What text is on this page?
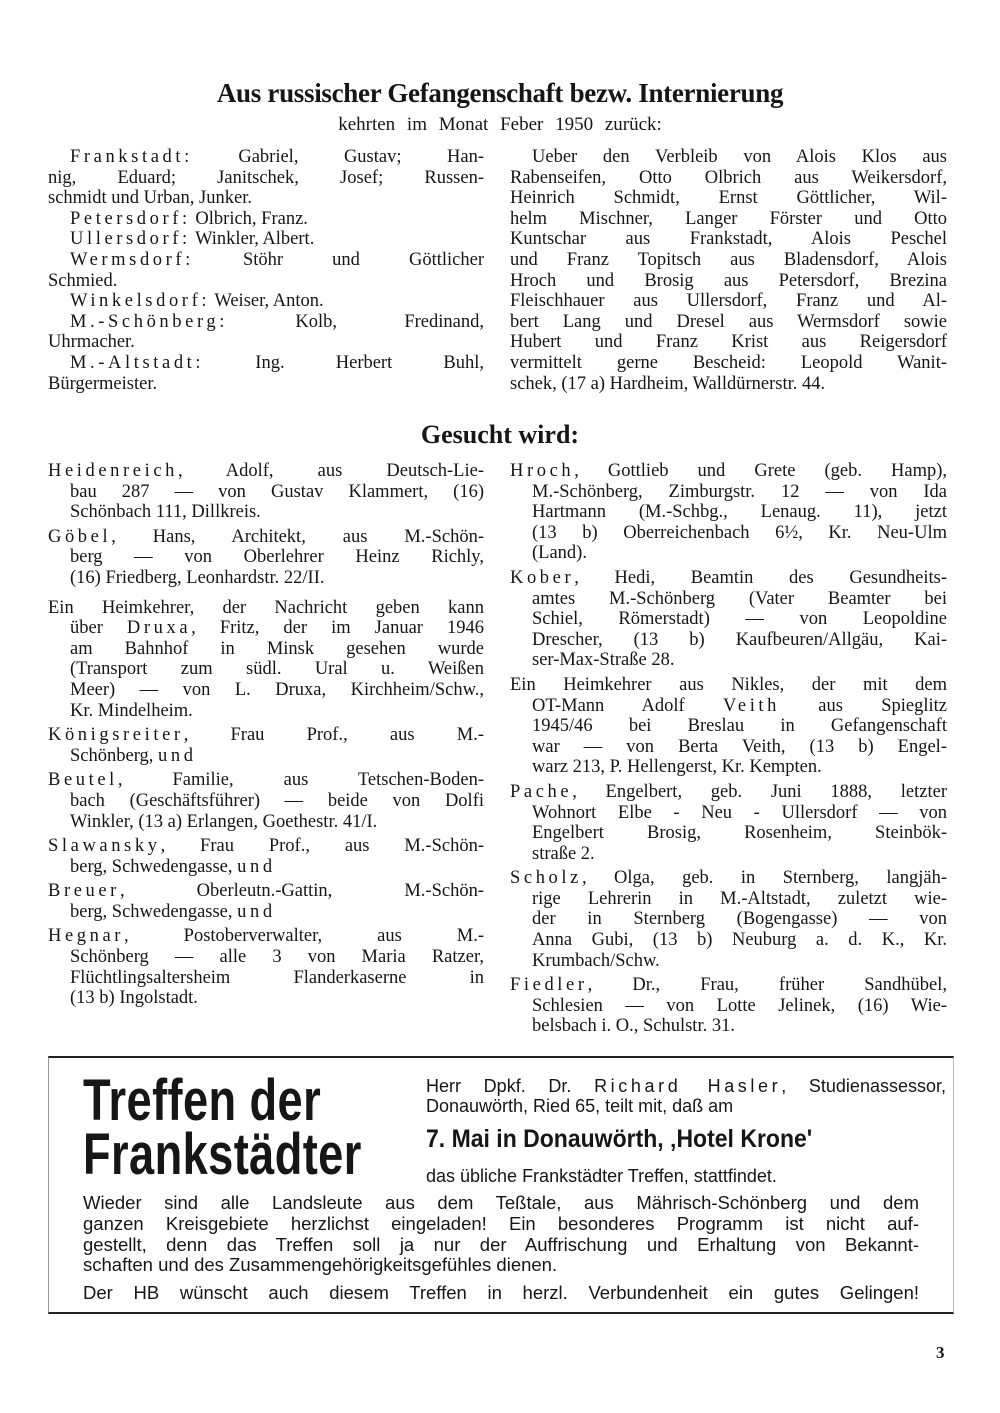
Aus russischer Gefangenschaft bezw. Internierung
kehrten im Monat Feber 1950 zurück:
Frankstadt: Gabriel, Gustav; Han-
nig, Eduard; Janitschek, Josef; Russen-
schmidt und Urban, Junker.
Petersdorf: Olbrich, Franz.
Ullersdorf: Winkler, Albert.
Wermsdorf: Stöhr und Göttlicher
Schmied.
Winkelsdorf: Weiser, Anton.
M.-Schönberg: Kolb, Fredinand,
Uhrmacher.
M.-Altstadt: Ing. Herbert Buhl,
Bürgermeister.
Ueber den Verbleib von Alois Klos aus
Rabenseifen, Otto Olbrich aus Weikersdorf,
Heinrich Schmidt, Ernst Göttlicher, Wil-
helm Mischner, Langer Förster und Otto
Kuntschar aus Frankstadt, Alois Peschel
und Franz Topitsch aus Bladensdorf, Alois
Hroch und Brosig aus Petersdorf, Brezina
Fleischhauer aus Ullersdorf, Franz und Al-
bert Lang und Dresel aus Wermsdorf sowie
Hubert und Franz Krist aus Reigersdorf
vermittelt gerne Bescheid: Leopold Wanit-
schek, (17 a) Hardheim, Walldürnerstr. 44.
Gesucht wird:
Heidenreich, Adolf, aus Deutsch-Lie-
bau 287 — von Gustav Klammert, (16)
Schönbach 111, Dillkreis.
Göbel, Hans, Architekt, aus M.-Schön-
berg — von Oberlehrer Heinz Richly,
(16) Friedberg, Leonhardstr. 22/II.
Ein Heimkehrer, der Nachricht geben kann
über Druxa, Fritz, der im Januar 1946
am Bahnhof in Minsk gesehen wurde
(Transport zum südl. Ural u. Weißen
Meer) — von L. Druxa, Kirchheim/Schw.,
Kr. Mindelheim.
Königsreiter, Frau Prof., aus M.-
Schönberg, und
Beutel, Familie, aus Tetschen-Boden-
bach (Geschäftsführer) — beide von Dolfi
Winkler, (13 a) Erlangen, Goethestr. 41/I.
Slawansky, Frau Prof., aus M.-Schön-
berg, Schwedengasse, und
Breuer, Oberleutn.-Gattin, M.-Schön-
berg, Schwedengasse, und
Hegnar, Postoberverwalter, aus M.-
Schönberg — alle 3 von Maria Ratzer,
Flüchtlingsaltersheim Flanderkaserne in
(13 b) Ingolstadt.
Hroch, Gottlieb und Grete (geb. Hamp),
M.-Schönberg, Zimburgstr. 12 — von Ida
Hartmann (M.-Schbg., Lenaug. 11), jetzt
(13 b) Oberreichenbach 6½, Kr. Neu-Ulm
(Land).
Kober, Hedi, Beamtin des Gesundheits-
amtes M.-Schönberg (Vater Beamter bei
Schiel, Römerstadt) — von Leopoldine
Drescher, (13 b) Kaufbeuren/Allgäu, Kai-
ser-Max-Straße 28.
Ein Heimkehrer aus Nikles, der mit dem
OT-Mann Adolf Veith aus Spieglitz
1945/46 bei Breslau in Gefangenschaft
war — von Berta Veith, (13 b) Engel-
warz 213, P. Hellengerst, Kr. Kempten.
Pache, Engelbert, geb. Juni 1888, letzter
Wohnort Elbe - Neu - Ullersdorf — von
Engelbert Brosig, Rosenheim, Steinbök-
straße 2.
Scholz, Olga, geb. in Sternberg, langjäh-
rige Lehrerin in M.-Altstadt, zuletzt wie-
der in Sternberg (Bogengasse) — von
Anna Gubi, (13 b) Neuburg a. d. K., Kr.
Krumbach/Schw.
Fiedler, Dr., Frau, früher Sandhübel,
Schlesien — von Lotte Jelinek, (16) Wie-
belsbach i. O., Schulstr. 31.
Treffen der
Frankstädter
Herr Dpkf. Dr. Richard Hasler, Studienassessor,
Donauwörth, Ried 65, teilt mit, daß am
7. Mai in Donauwörth, ‚Hotel Krone'
das übliche Frankstädter Treffen, stattfindet.
Wieder sind alle Landsleute aus dem Teßtale, aus Mährisch-Schönberg und dem
ganzen Kreisgebiete herzlichst eingeladen! Ein besonderes Programm ist nicht auf-
gestellt, denn das Treffen soll ja nur der Auffrischung und Erhaltung von Bekannt-
schaften und des Zusammengehörigkeitsgefühles dienen.
Der HB wünscht auch diesem Treffen in herzl. Verbundenheit ein gutes Gelingen!
3
